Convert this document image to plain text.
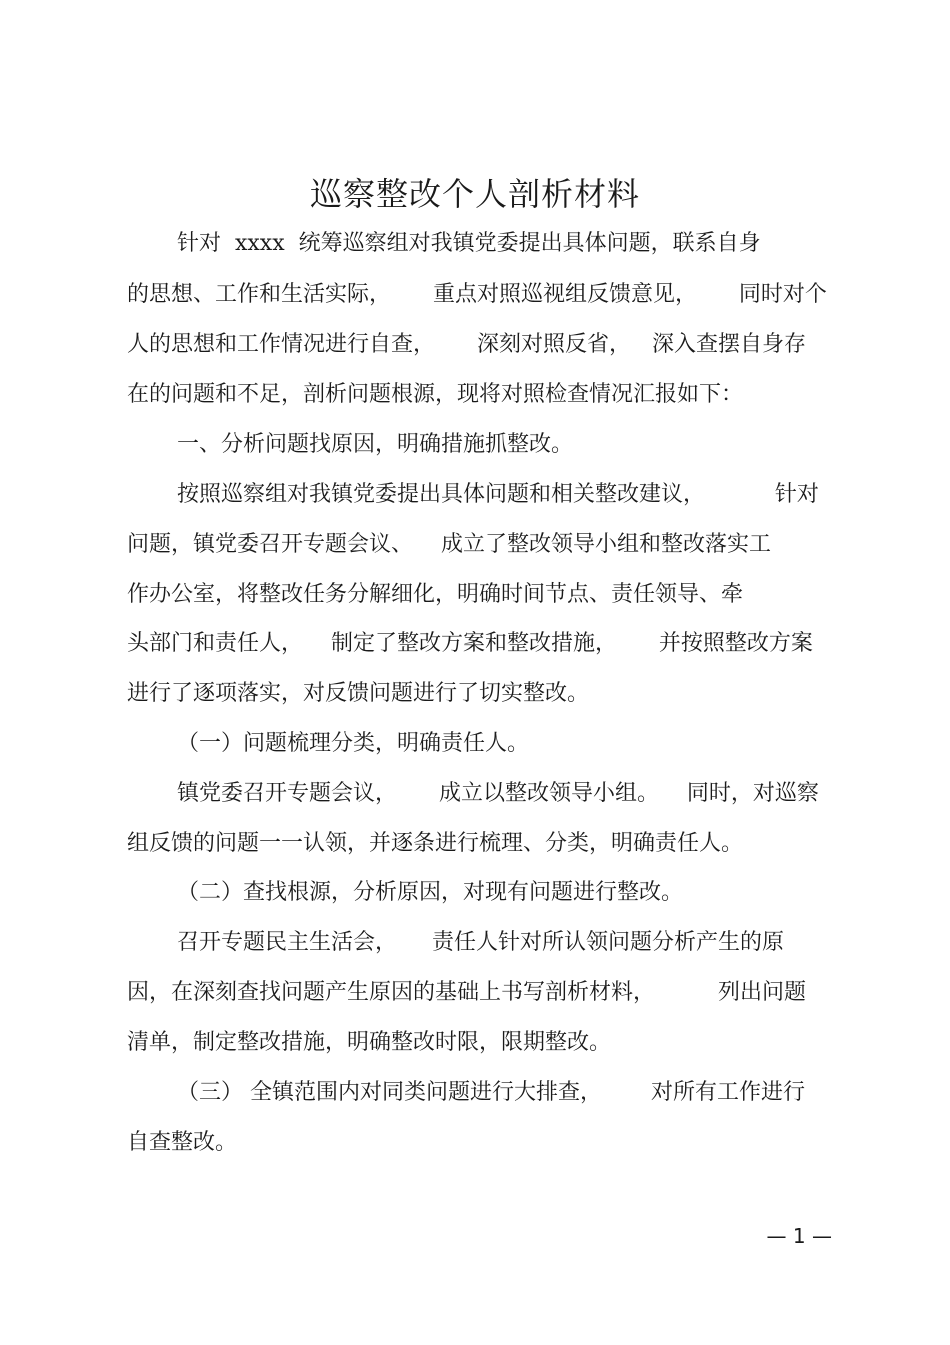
巡察整改个人剖析材料
针对  xxxx  统筹巡察组对我镇党委提出具体问题，联系自身
的思想、工作和生活实际，      重点对照巡视组反馈意见，      同时对个
人的思想和工作情况进行自查，      深刻对照反省，   深入查摆自身存
在的问题和不足，剖析问题根源，现将对照检查情况汇报如下：
一、分析问题找原因，明确措施抓整改。
按照巡察组对我镇党委提出具体问题和相关整改建议，          针对
问题，镇党委召开专题会议、    成立了整改领导小组和整改落实工
作办公室，将整改任务分解细化，明确时间节点、责任领导、牵
头部门和责任人，    制定了整改方案和整改措施，      并按照整改方案
进行了逐项落实，对反馈问题进行了切实整改。
（一）问题梳理分类，明确责任人。
镇党委召开专题会议，      成立以整改领导小组。    同时，对巡察
组反馈的问题一一认领，并逐条进行梳理、分类，明确责任人。
（二）查找根源，分析原因，对现有问题进行整改。
召开专题民主生活会，     责任人针对所认领问题分析产生的原
因，在深刻查找问题产生原因的基础上书写剖析材料，         列出问题
清单，制定整改措施，明确整改时限，限期整改。
（三） 全镇范围内对同类问题进行大排查，       对所有工作进行
自查整改。
— 1 —
